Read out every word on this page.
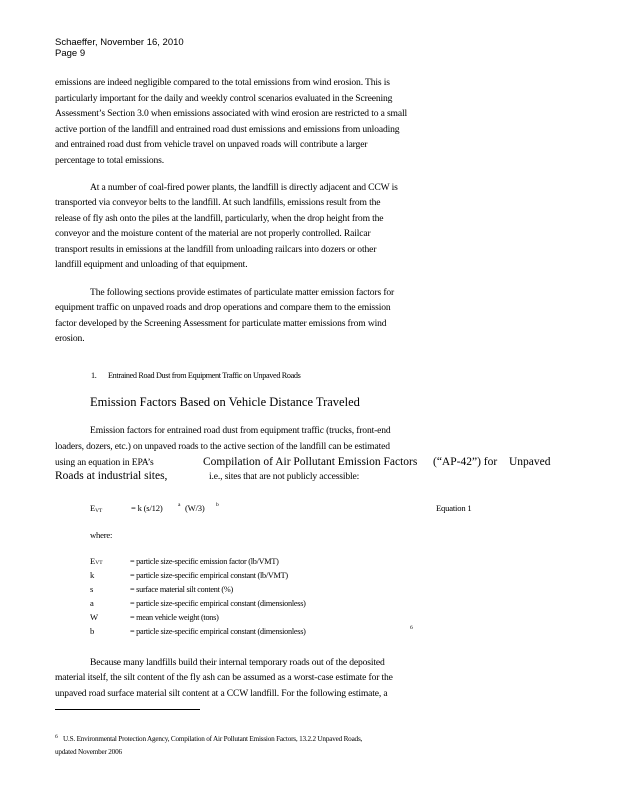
Schaeffer, November 16, 2010
Page 9
emissions are indeed negligible compared to the total emissions from wind erosion. This is
particularly important for the daily and weekly control scenarios evaluated in the Screening
Assessment’s Section 3.0 when emissions associated with wind erosion are restricted to a small
active portion of the landfill and entrained road dust emissions and emissions from unloading
and entrained road dust from vehicle travel on unpaved roads will contribute a larger
percentage to total emissions.
At a number of coal-fired power plants, the landfill is directly adjacent and CCW is
transported via conveyor belts to the landfill. At such landfills, emissions result from the
release of fly ash onto the piles at the landfill, particularly, when the drop height from the
conveyor and the moisture content of the material are not properly controlled. Railcar
transport results in emissions at the landfill from unloading railcars into dozers or other
landfill equipment and unloading of that equipment.
The following sections provide estimates of particulate matter emission factors for
equipment traffic on unpaved roads and drop operations and compare them to the emission
factor developed by the Screening Assessment for particulate matter emissions from wind
erosion.
1. Entrained Road Dust from Equipment Traffic on Unpaved Roads
Emission Factors Based on Vehicle Distance Traveled
Emission factors for entrained road dust from equipment traffic (trucks, front-end
loaders, dozers, etc.) on unpaved roads to the active section of the landfill can be estimated
using an equation in EPA’s	Compilation of Air Pollutant Emission Factors (“AP-42”) for Unpaved
Roads at industrial sites,	i.e., sites that are not publicly accessible:
EVT	= k (s/12)	a (W/3) b	Equation 1
where:
EVT	= particle size-specific emission factor (lb/VMT)
k	= particle size-specific empirical constant (lb/VMT)
s	= surface material silt content (%)
a	= particle size-specific empirical constant (dimensionless)
W	= mean vehicle weight (tons)
b	= particle size-specific empirical constant (dimensionless)	6
Because many landfills build their internal temporary roads out of the deposited
material itself, the silt content of the fly ash can be assumed as a worst-case estimate for the
unpaved road surface material silt content at a CCW landfill. For the following estimate, a
6 U.S. Environmental Protection Agency, Compilation of Air Pollutant Emission Factors, 13.2.2 Unpaved Roads,
updated November 2006
